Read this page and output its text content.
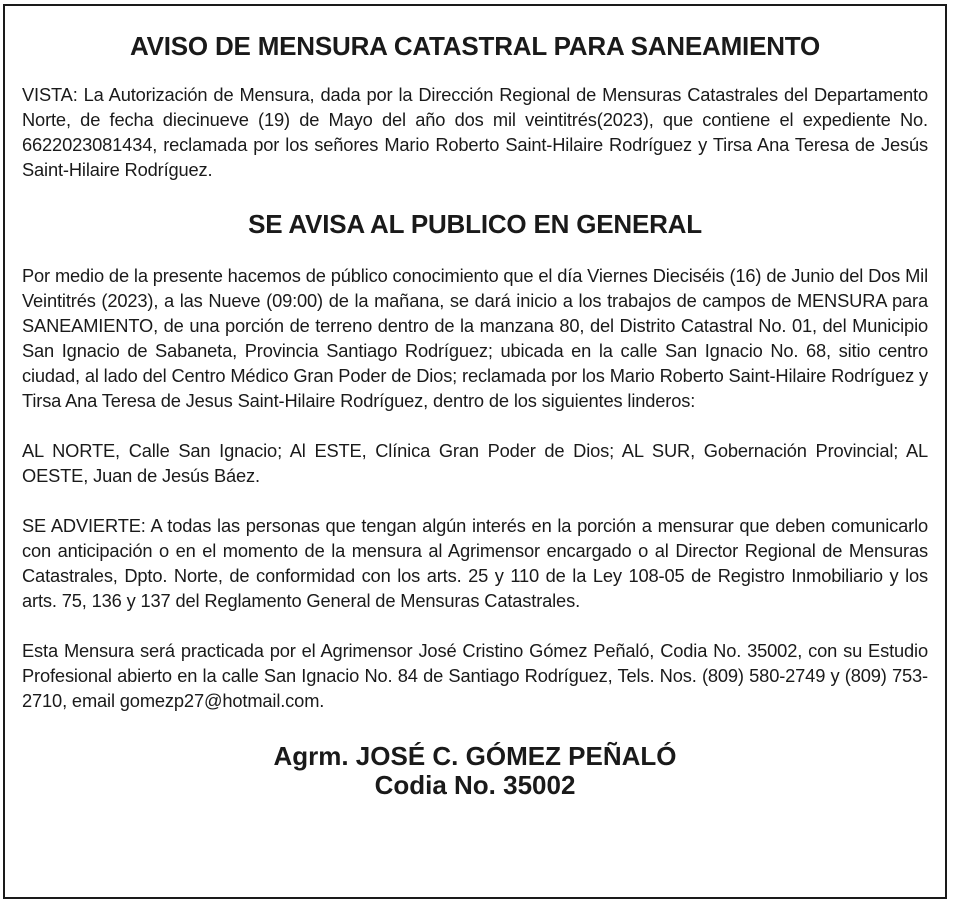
AVISO DE MENSURA CATASTRAL PARA SANEAMIENTO

VISTA: La Autorización de Mensura, dada por la Dirección Regional de Mensuras Catastrales del Departamento Norte, de fecha diecinueve (19) de Mayo del año dos mil veintitrés(2023), que contiene el expediente No. 6622023081434, reclamada por los señores Mario Roberto Saint-Hilaire Rodríguez y Tirsa Ana Teresa de Jesús Saint-Hilaire Rodríguez.

SE AVISA AL PUBLICO EN GENERAL

Por medio de la presente hacemos de público conocimiento que el día Viernes Dieciséis (16) de Junio del Dos Mil Veintitrés (2023), a las Nueve (09:00) de la mañana, se dará inicio a los trabajos de campos de MENSURA para SANEAMIENTO, de una porción de terreno dentro de la manzana 80, del Distrito Catastral No. 01, del Municipio San Ignacio de Sabaneta, Provincia Santiago Rodríguez; ubicada en la calle San Ignacio No. 68, sitio centro ciudad, al lado del Centro Médico Gran Poder de Dios; reclamada por los Mario Roberto Saint-Hilaire Rodríguez y Tirsa Ana Teresa de Jesus Saint-Hilaire Rodríguez, dentro de los siguientes linderos:

AL NORTE, Calle San Ignacio; Al ESTE, Clínica Gran Poder de Dios; AL SUR, Gobernación Provincial; AL OESTE, Juan de Jesús Báez.

SE ADVIERTE: A todas las personas que tengan algún interés en la porción a mensurar que deben comunicarlo con anticipación o en el momento de la mensura al Agrimensor encargado o al Director Regional de Mensuras Catastrales, Dpto. Norte, de conformidad con los arts. 25 y 110 de la Ley 108-05 de Registro Inmobiliario y los arts. 75, 136 y 137 del Reglamento General de Mensuras Catastrales.

Esta Mensura será practicada por el Agrimensor José Cristino Gómez Peñaló, Codia No. 35002, con su Estudio Profesional abierto en la calle San Ignacio No. 84 de Santiago Rodríguez, Tels. Nos. (809) 580-2749 y (809) 753-2710, email gomezp27@hotmail.com.

Agrm. JOSÉ C. GÓMEZ PEÑALÓ
Codia No. 35002
